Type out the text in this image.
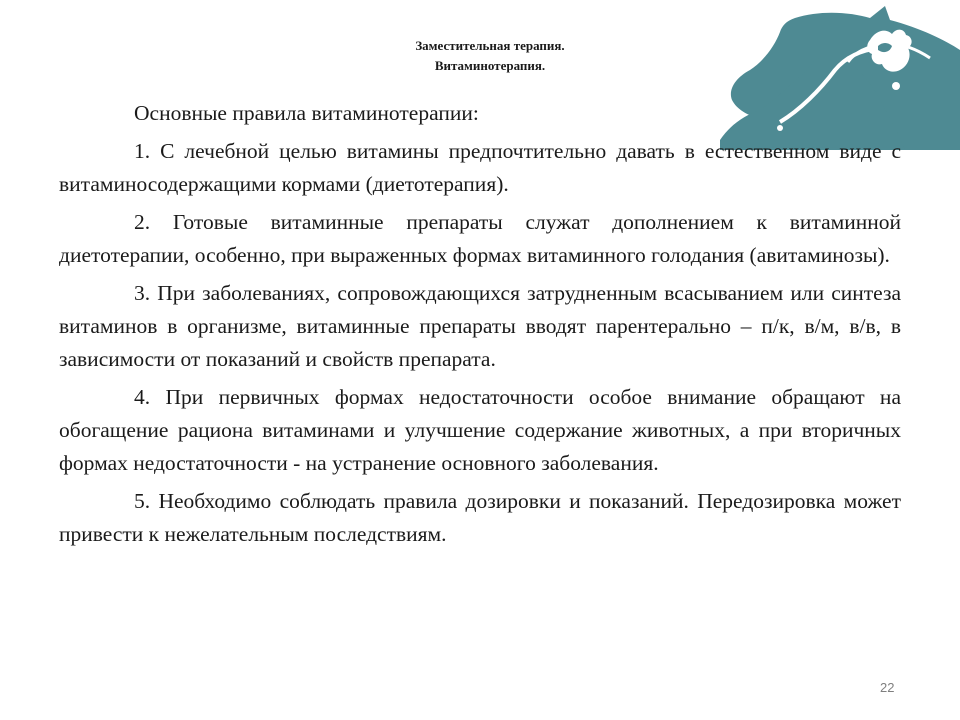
Заместительная терапия.
Витаминотерапия.

Основные правила витаминотерапии:

1. С лечебной целью витамины предпочтительно давать в естественном виде с витаминосодержащими кормами (диетотерапия).

2. Готовые витаминные препараты служат дополнением к витаминной диетотерапии, особенно, при выраженных формах витаминного голодания (авитаминозы).

3. При заболеваниях, сопровождающихся затрудненным всасыванием или синтеза витаминов в организме, витаминные препараты вводят парентерально – п/к, в/м, в/в, в зависимости от показаний и свойств препарата.

4. При первичных формах недостаточности особое внимание обращают на обогащение рациона витаминами и улучшение содержание животных, а при вторичных формах недостаточности - на устранение основного заболевания.

5. Необходимо соблюдать правила дозировки и показаний. Передозировка может привести к нежелательным последствиям.

22
